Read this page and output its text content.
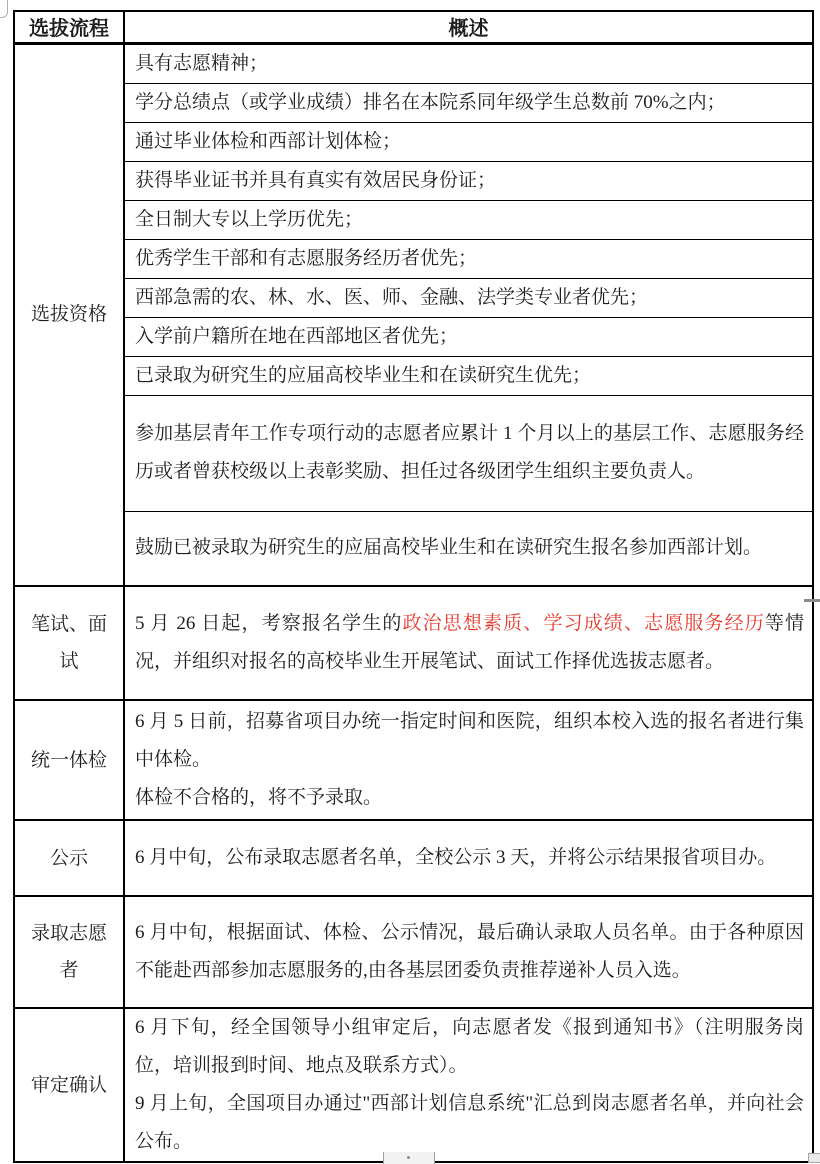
选拔流程	概述
选拔资格	具有志愿精神；
	学分总绩点（或学业成绩）排名在本院系同年级学生总数前 70%之内；
	通过毕业体检和西部计划体检；
	获得毕业证书并具有真实有效居民身份证；
	全日制大专以上学历优先；
	优秀学生干部和有志愿服务经历者优先；
	西部急需的农、林、水、医、师、金融、法学类专业者优先；
	入学前户籍所在地在西部地区者优先；
	已录取为研究生的应届高校毕业生和在读研究生优先；
	参加基层青年工作专项行动的志愿者应累计 1 个月以上的基层工作、志愿服务经历或者曾获校级以上表彰奖励、担任过各级团学生组织主要负责人。
	鼓励已被录取为研究生的应届高校毕业生和在读研究生报名参加西部计划。
笔试、面试	5 月 26 日起，考察报名学生的政治思想素质、学习成绩、志愿服务经历等情况，并组织对报名的高校毕业生开展笔试、面试工作择优选拔志愿者。

统一体检	6 月 5 日前，招募省项目办统一指定时间和医院，组织本校入选的报名者进行集中体检。

体检不合格的，将不予录取。

公示	6 月中旬，公布录取志愿者名单，全校公示 3 天，并将公示结果报省项目办。
录取志愿者	6 月中旬，根据面试、体检、公示情况，最后确认录取人员名单。由于各种原因不能赴西部参加志愿服务的,由各基层团委负责推荐递补人员入选。
审定确认	6 月下旬，经全国领导小组审定后，向志愿者发《报到通知书》（注明服务岗位，培训报到时间、地点及联系方式）。

9 月上旬，全国项目办通过"西部计划信息系统"汇总到岗志愿者名单，并向社会公布。
